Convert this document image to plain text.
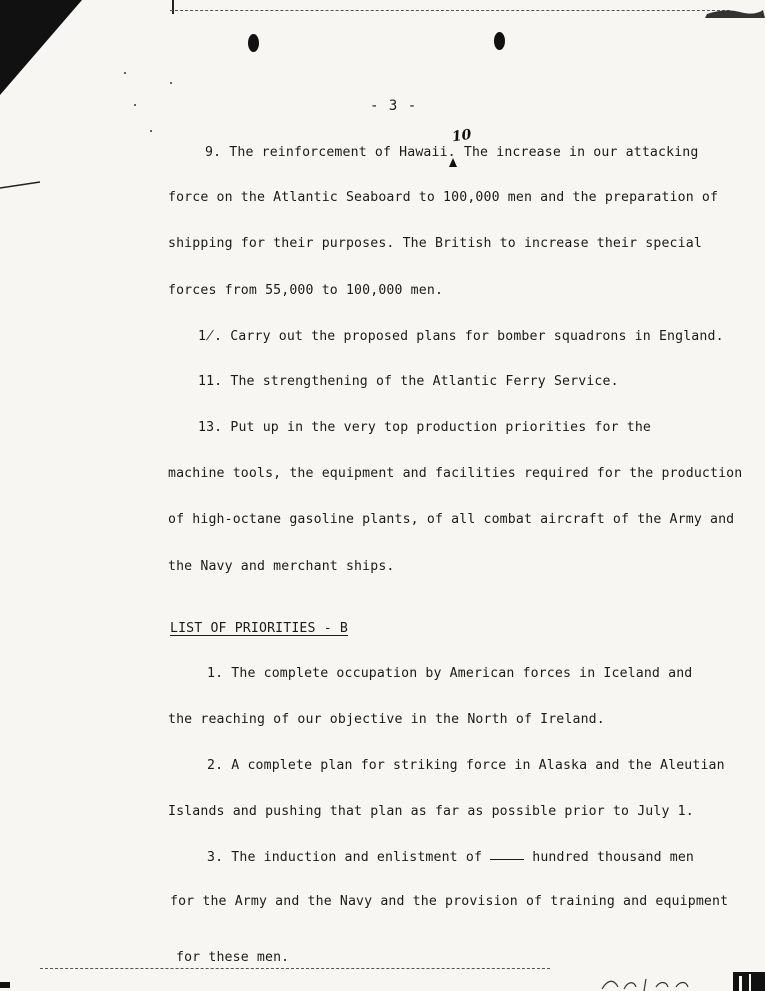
- 3 -
10
9. The reinforcement of Hawaii. The increase in our attacking
force on the Atlantic Seaboard to 100,000 men and the preparation of
shipping for their purposes. The British to increase their special
forces from 55,000 to 100,000 men.
1̸. Carry out the proposed plans for bomber squadrons in England.
11. The strengthening of the Atlantic Ferry Service.
13. Put up in the very top production priorities for the
machine tools, the equipment and facilities required for the production
of high-octane gasoline plants, of all combat aircraft of the Army and
the Navy and merchant ships.
LIST OF PRIORITIES - B
1. The complete occupation by American forces in Iceland and
the reaching of our objective in the North of Ireland.
2. A complete plan for striking force in Alaska and the Aleutian
Islands and pushing that plan as far as possible prior to July 1.
3. The induction and enlistment of	hundred thousand men
for the Army and the Navy and the provision of training and equipment
for these men.
